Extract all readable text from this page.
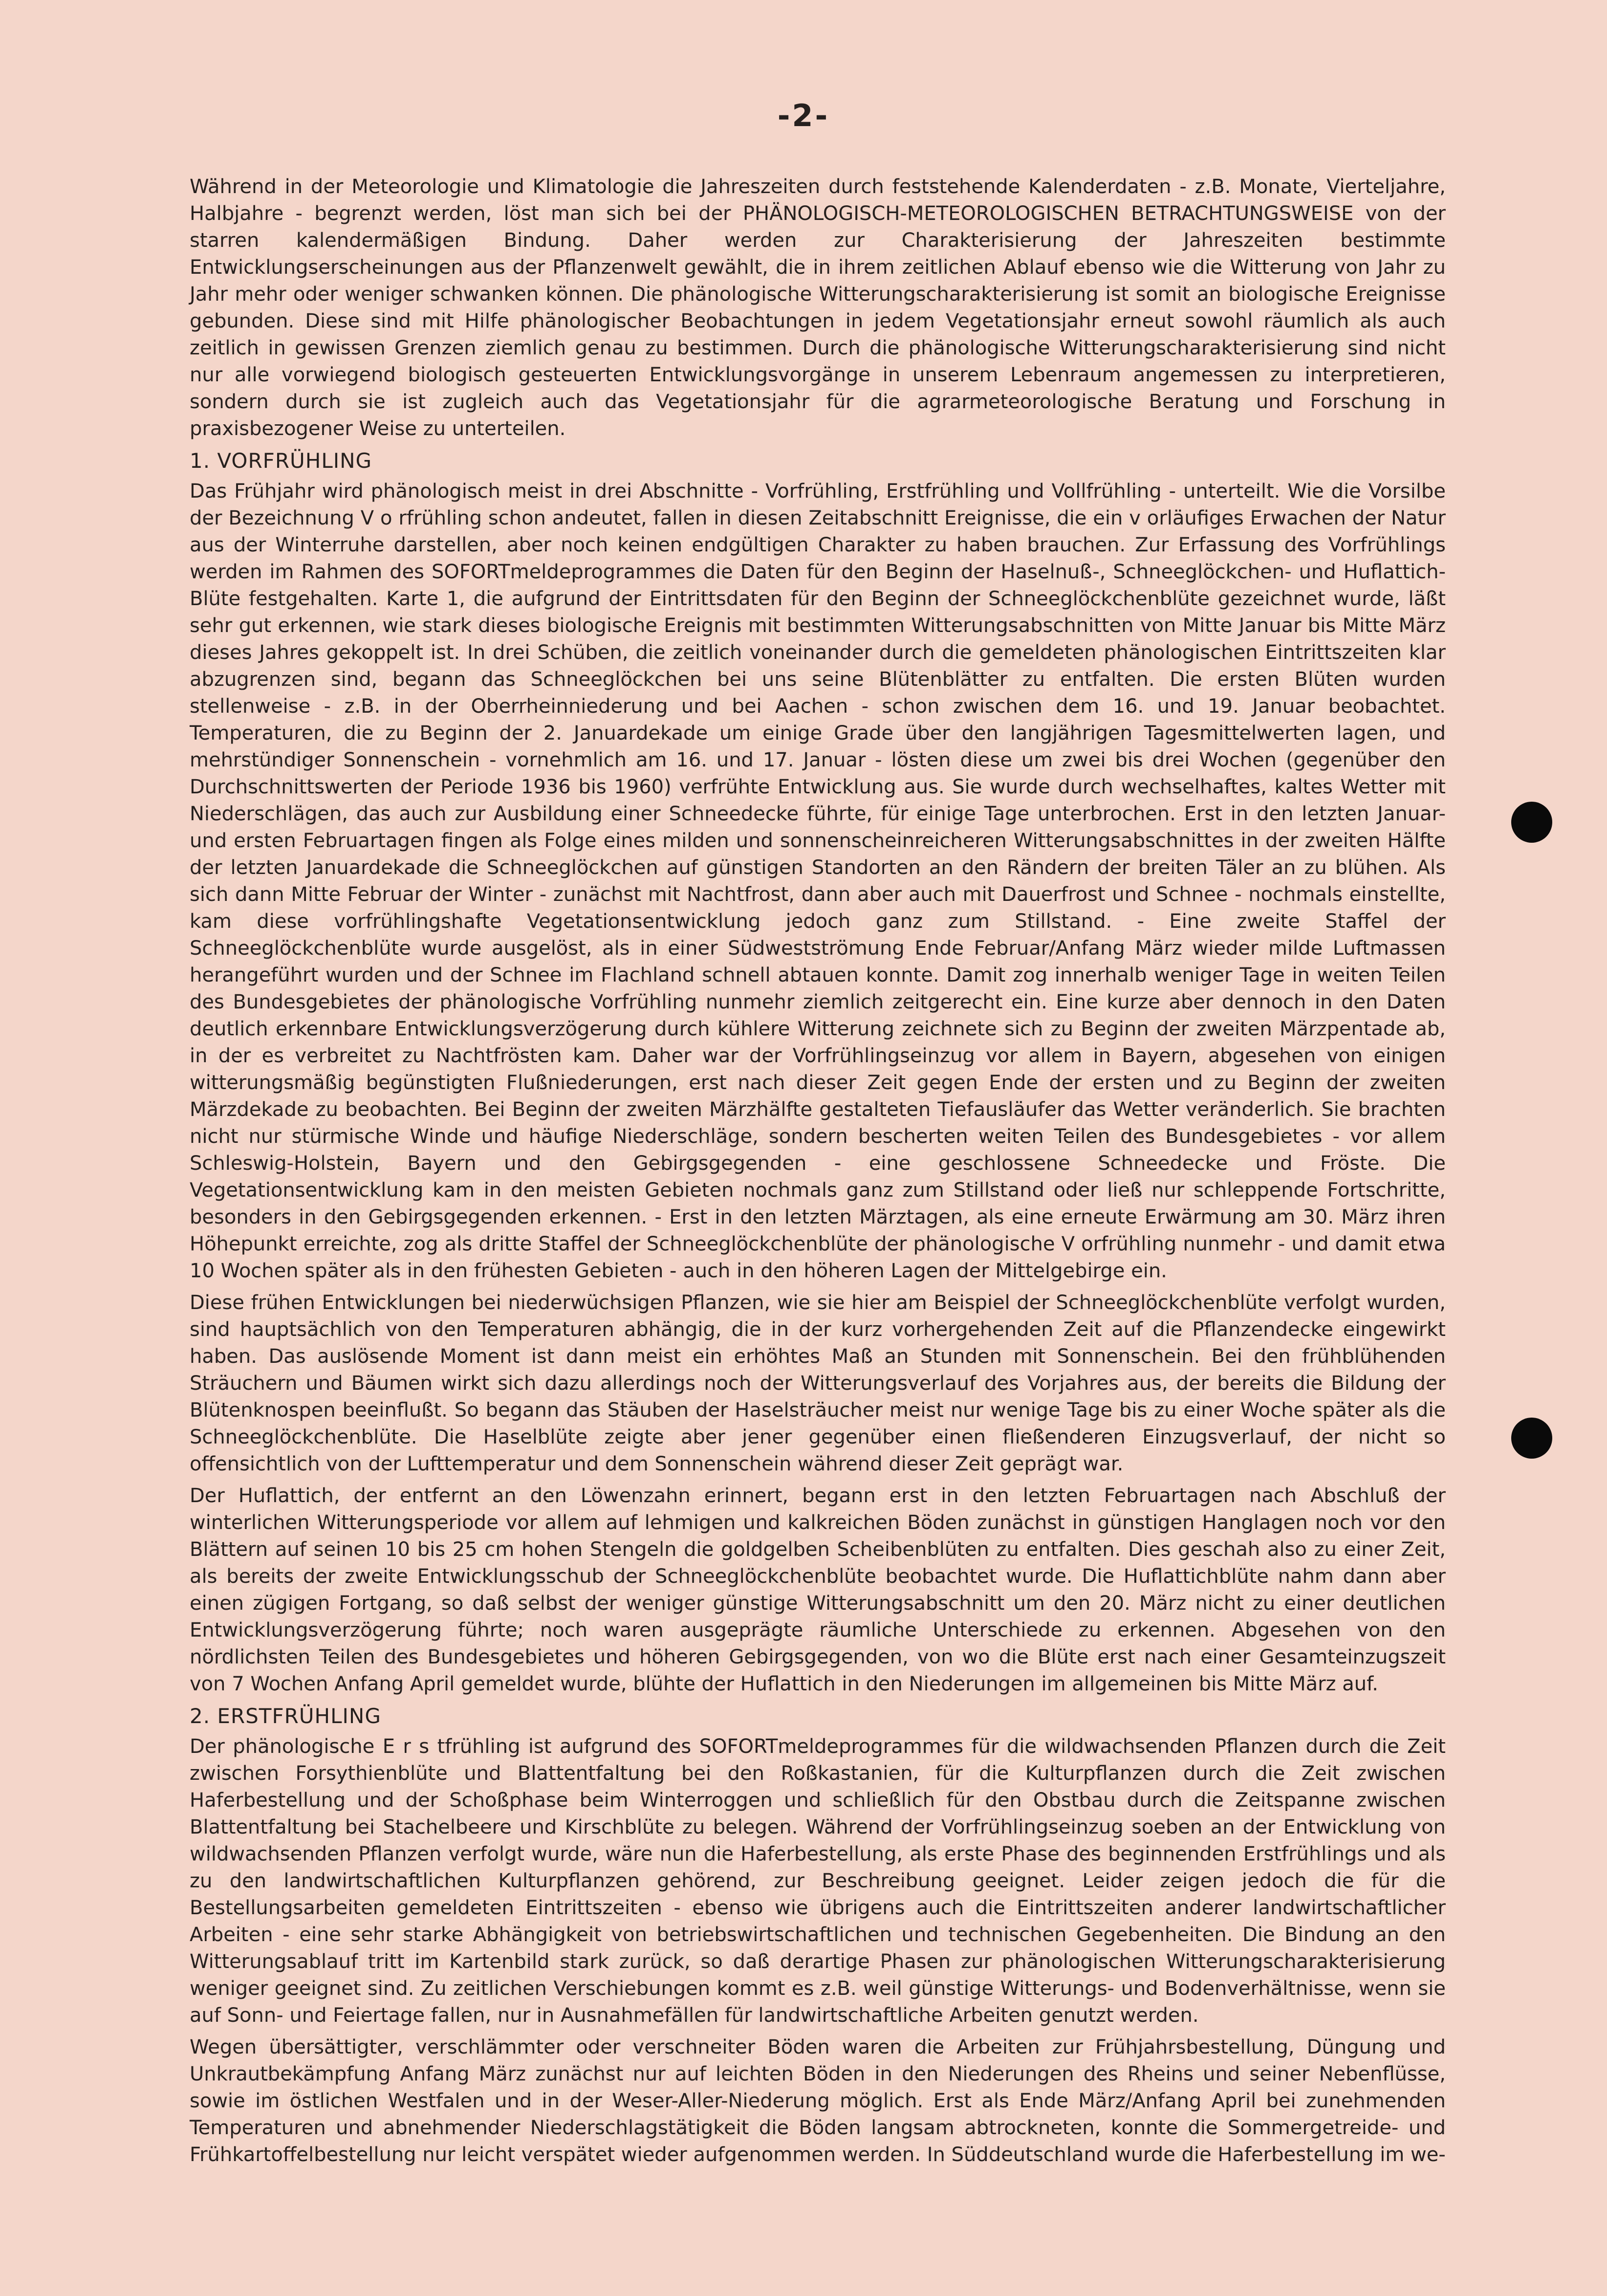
-2-

Während in der Meteorologie und Klimatologie die Jahreszeiten durch feststehende Kalenderdaten - z.B. Monate, Vierteljahre, Halbjahre - begrenzt werden, löst man sich bei der PHÄNOLOGISCH-METEOROLOGISCHEN BETRACHTUNGSWEISE von der starren kalendermäßigen Bindung. Daher werden zur Charakterisierung der Jahreszeiten bestimmte Entwicklungserscheinungen aus der Pflanzenwelt gewählt, die in ihrem zeitlichen Ablauf ebenso wie die Witterung von Jahr zu Jahr mehr oder weniger schwanken können. Die phänologische Witterungscharakterisierung ist somit an biologische Ereignisse gebunden. Diese sind mit Hilfe phänologischer Beobachtungen in jedem Vegetationsjahr erneut sowohl räumlich als auch zeitlich in gewissen Grenzen ziemlich genau zu bestimmen. Durch die phänologische Witterungscharakterisierung sind nicht nur alle vorwiegend biologisch gesteuerten Entwicklungsvorgänge in unserem Lebenraum angemessen zu interpretieren, sondern durch sie ist zugleich auch das Vegetationsjahr für die agrarmeteorologische Beratung und Forschung in praxisbezogener Weise zu unterteilen.

1. VORFRÜHLING

Das Frühjahr wird phänologisch meist in drei Abschnitte - Vorfrühling, Erstfrühling und Vollfrühling - unterteilt. Wie die Vorsilbe der Bezeichnung V o rfrühling schon andeutet, fallen in diesen Zeitabschnitt Ereignisse, die ein v orläufiges Erwachen der Natur aus der Winterruhe darstellen, aber noch keinen endgültigen Charakter zu haben brauchen. Zur Erfassung des Vorfrühlings werden im Rahmen des SOFORTmeldeprogrammes die Daten für den Beginn der Haselnuß-, Schneeglöckchen- und Huflattich-Blüte festgehalten. Karte 1, die aufgrund der Eintrittsdaten für den Beginn der Schneeglöckchenblüte gezeichnet wurde, läßt sehr gut erkennen, wie stark dieses biologische Ereignis mit bestimmten Witterungsabschnitten von Mitte Januar bis Mitte März dieses Jahres gekoppelt ist. In drei Schüben, die zeitlich voneinander durch die gemeldeten phänologischen Eintrittszeiten klar abzugrenzen sind, begann das Schneeglöckchen bei uns seine Blütenblätter zu entfalten. Die ersten Blüten wurden stellenweise - z.B. in der Oberrheinniederung und bei Aachen - schon zwischen dem 16. und 19. Januar beobachtet. Temperaturen, die zu Beginn der 2. Januardekade um einige Grade über den langjährigen Tagesmittelwerten lagen, und mehrstündiger Sonnenschein - vornehmlich am 16. und 17. Januar - lösten diese um zwei bis drei Wochen (gegenüber den Durchschnittswerten der Periode 1936 bis 1960) verfrühte Entwicklung aus. Sie wurde durch wechselhaftes, kaltes Wetter mit Niederschlägen, das auch zur Ausbildung einer Schneedecke führte, für einige Tage unterbrochen. Erst in den letzten Januar- und ersten Februartagen fingen als Folge eines milden und sonnenscheinreicheren Witterungsabschnittes in der zweiten Hälfte der letzten Januardekade die Schneeglöckchen auf günstigen Standorten an den Rändern der breiten Täler an zu blühen. Als sich dann Mitte Februar der Winter - zunächst mit Nachtfrost, dann aber auch mit Dauerfrost und Schnee - nochmals einstellte, kam diese vorfrühlingshafte Vegetationsentwicklung jedoch ganz zum Stillstand. - Eine zweite Staffel der Schneeglöckchenblüte wurde ausgelöst, als in einer Südwestströmung Ende Februar/Anfang März wieder milde Luftmassen herangeführt wurden und der Schnee im Flachland schnell abtauen konnte. Damit zog innerhalb weniger Tage in weiten Teilen des Bundesgebietes der phänologische Vorfrühling nunmehr ziemlich zeitgerecht ein. Eine kurze aber dennoch in den Daten deutlich erkennbare Entwicklungsverzögerung durch kühlere Witterung zeichnete sich zu Beginn der zweiten Märzpentade ab, in der es verbreitet zu Nachtfrösten kam. Daher war der Vorfrühlingseinzug vor allem in Bayern, abgesehen von einigen witterungsmäßig begünstigten Flußniederungen, erst nach dieser Zeit gegen Ende der ersten und zu Beginn der zweiten Märzdekade zu beobachten. Bei Beginn der zweiten Märzhälfte gestalteten Tiefausläufer das Wetter veränderlich. Sie brachten nicht nur stürmische Winde und häufige Niederschläge, sondern bescherten weiten Teilen des Bundesgebietes - vor allem Schleswig-Holstein, Bayern und den Gebirgsgegenden - eine geschlossene Schneedecke und Fröste. Die Vegetationsentwicklung kam in den meisten Gebieten nochmals ganz zum Stillstand oder ließ nur schleppende Fortschritte, besonders in den Gebirgsgegenden erkennen. - Erst in den letzten Märztagen, als eine erneute Erwärmung am 30. März ihren Höhepunkt erreichte, zog als dritte Staffel der Schneeglöckchenblüte der phänologische V orfrühling nunmehr - und damit etwa 10 Wochen später als in den frühesten Gebieten - auch in den höheren Lagen der Mittelgebirge ein.

Diese frühen Entwicklungen bei niederwüchsigen Pflanzen, wie sie hier am Beispiel der Schneeglöckchenblüte verfolgt wurden, sind hauptsächlich von den Temperaturen abhängig, die in der kurz vorhergehenden Zeit auf die Pflanzendecke eingewirkt haben. Das auslösende Moment ist dann meist ein erhöhtes Maß an Stunden mit Sonnenschein. Bei den frühblühenden Sträuchern und Bäumen wirkt sich dazu allerdings noch der Witterungsverlauf des Vorjahres aus, der bereits die Bildung der Blütenknospen beeinflußt. So begann das Stäuben der Haselsträucher meist nur wenige Tage bis zu einer Woche später als die Schneeglöckchenblüte. Die Haselblüte zeigte aber jener gegenüber einen fließenderen Einzugsverlauf, der nicht so offensichtlich von der Lufttemperatur und dem Sonnenschein während dieser Zeit geprägt war.

Der Huflattich, der entfernt an den Löwenzahn erinnert, begann erst in den letzten Februartagen nach Abschluß der winterlichen Witterungsperiode vor allem auf lehmigen und kalkreichen Böden zunächst in günstigen Hanglagen noch vor den Blättern auf seinen 10 bis 25 cm hohen Stengeln die goldgelben Scheibenblüten zu entfalten. Dies geschah also zu einer Zeit, als bereits der zweite Entwicklungsschub der Schneeglöckchenblüte beobachtet wurde. Die Huflattichblüte nahm dann aber einen zügigen Fortgang, so daß selbst der weniger günstige Witterungsabschnitt um den 20. März nicht zu einer deutlichen Entwicklungsverzögerung führte; noch waren ausgeprägte räumliche Unterschiede zu erkennen. Abgesehen von den nördlichsten Teilen des Bundesgebietes und höheren Gebirgsgegenden, von wo die Blüte erst nach einer Gesamteinzugszeit von 7 Wochen Anfang April gemeldet wurde, blühte der Huflattich in den Niederungen im allgemeinen bis Mitte März auf.

2. ERSTFRÜHLING

Der phänologische E r s tfrühling ist aufgrund des SOFORTmeldeprogrammes für die wildwachsenden Pflanzen durch die Zeit zwischen Forsythienblüte und Blattentfaltung bei den Roßkastanien, für die Kulturpflanzen durch die Zeit zwischen Haferbestellung und der Schoßphase beim Winterroggen und schließlich für den Obstbau durch die Zeitspanne zwischen Blattentfaltung bei Stachelbeere und Kirschblüte zu belegen. Während der Vorfrühlingseinzug soeben an der Entwicklung von wildwachsenden Pflanzen verfolgt wurde, wäre nun die Haferbestellung, als erste Phase des beginnenden Erstfrühlings und als zu den landwirtschaftlichen Kulturpflanzen gehörend, zur Beschreibung geeignet. Leider zeigen jedoch die für die Bestellungsarbeiten gemeldeten Eintrittszeiten - ebenso wie übrigens auch die Eintrittszeiten anderer landwirtschaftlicher Arbeiten - eine sehr starke Abhängigkeit von betriebswirtschaftlichen und technischen Gegebenheiten. Die Bindung an den Witterungsablauf tritt im Kartenbild stark zurück, so daß derartige Phasen zur phänologischen Witterungscharakterisierung weniger geeignet sind. Zu zeitlichen Verschiebungen kommt es z.B. weil günstige Witterungs- und Bodenverhältnisse, wenn sie auf Sonn- und Feiertage fallen, nur in Ausnahmefällen für landwirtschaftliche Arbeiten genutzt werden.

Wegen übersättigter, verschlämmter oder verschneiter Böden waren die Arbeiten zur Frühjahrsbestellung, Düngung und Unkrautbekämpfung Anfang März zunächst nur auf leichten Böden in den Niederungen des Rheins und seiner Nebenflüsse, sowie im östlichen Westfalen und in der Weser-Aller-Niederung möglich. Erst als Ende März/Anfang April bei zunehmenden Temperaturen und abnehmender Niederschlagstätigkeit die Böden langsam abtrockneten, konnte die Sommergetreide- und Frühkartoffelbestellung nur leicht verspätet wieder aufgenommen werden. In Süddeutschland wurde die Haferbestellung im we-
